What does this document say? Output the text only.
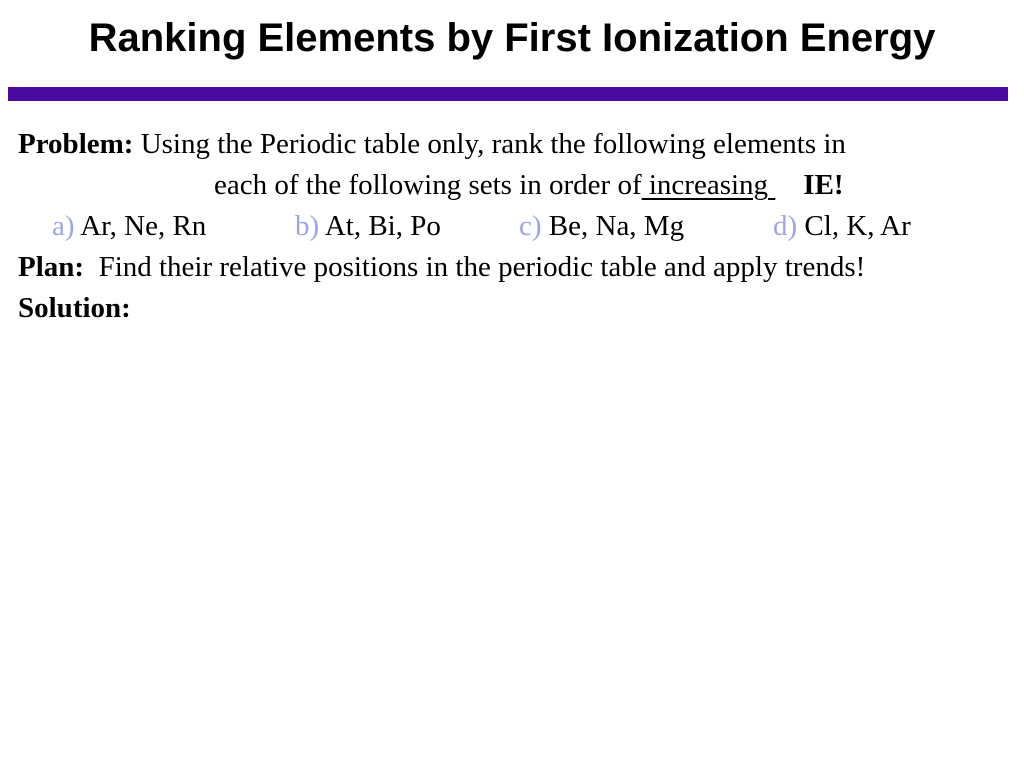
Ranking Elements by First Ionization Energy
Problem: Using the Periodic table only, rank the following elements in
each of the following sets in order of increasing IE!
a) Ar, Ne, Rn	b) At, Bi, Po	c) Be, Na, Mg	d) Cl, K, Ar
Plan: Find their relative positions in the periodic table and apply trends!
Solution:
